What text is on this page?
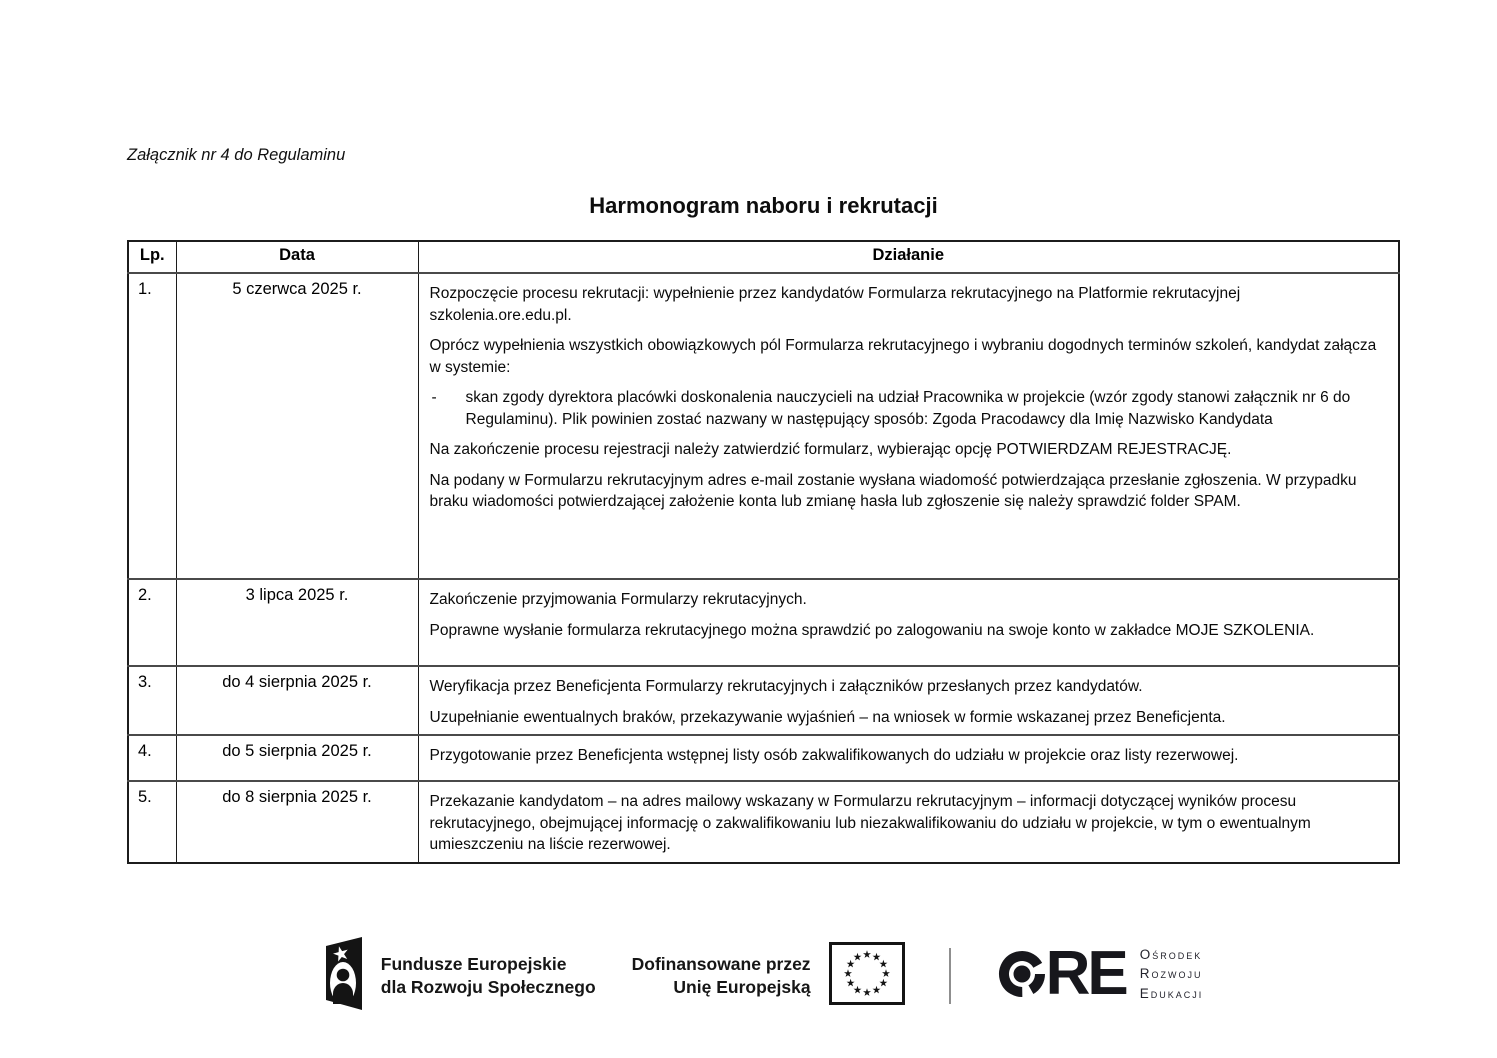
Załącznik nr 4 do Regulaminu
Harmonogram naboru i rekrutacji
Lp.	Data	Działanie
1.	5 czerwca 2025 r.	Rozpoczęcie procesu rekrutacji: wypełnienie przez kandydatów Formularza rekrutacyjnego na Platformie rekrutacyjnej szkolenia.ore.edu.pl.
Oprócz wypełnienia wszystkich obowiązkowych pól Formularza rekrutacyjnego i wybraniu dogodnych terminów szkoleń, kandydat załącza w systemie:
-	skan zgody dyrektora placówki doskonalenia nauczycieli na udział Pracownika w projekcie (wzór zgody stanowi załącznik nr 6 do Regulaminu). Plik powinien zostać nazwany w następujący sposób: Zgoda Pracodawcy dla Imię Nazwisko Kandydata
Na zakończenie procesu rejestracji należy zatwierdzić formularz, wybierając opcję POTWIERDZAM REJESTRACJĘ.
Na podany w Formularzu rekrutacyjnym adres e-mail zostanie wysłana wiadomość potwierdzająca przesłanie zgłoszenia. W przypadku braku wiadomości potwierdzającej założenie konta lub zmianę hasła lub zgłoszenie się należy sprawdzić folder SPAM.

2.	3 lipca 2025 r.	Zakończenie przyjmowania Formularzy rekrutacyjnych.
Poprawne wysłanie formularza rekrutacyjnego można sprawdzić po zalogowaniu na swoje konto w zakładce MOJE SZKOLENIA.

3.	do 4 sierpnia 2025 r.	Weryfikacja przez Beneficjenta Formularzy rekrutacyjnych i załączników przesłanych przez kandydatów.
Uzupełnianie ewentualnych braków, przekazywanie wyjaśnień – na wniosek w formie wskazanej przez Beneficjenta.

4.	do 5 sierpnia 2025 r.	Przygotowanie przez Beneficjenta wstępnej listy osób zakwalifikowanych do udziału w projekcie oraz listy rezerwowej.

5.	do 8 sierpnia 2025 r.	Przekazanie kandydatom – na adres mailowy wskazany w Formularzu rekrutacyjnym – informacji dotyczącej wyników procesu rekrutacyjnego, obejmującej informację o zakwalifikowaniu lub niezakwalifikowaniu do udziału w projekcie, w tym o ewentualnym umieszczeniu na liście rezerwowej.
Fundusze Europejskie
dla Rozwoju Społecznego
Dofinansowane przez
Unię Europejską	RE Ośrodek
Rozwoju
Edukacji
